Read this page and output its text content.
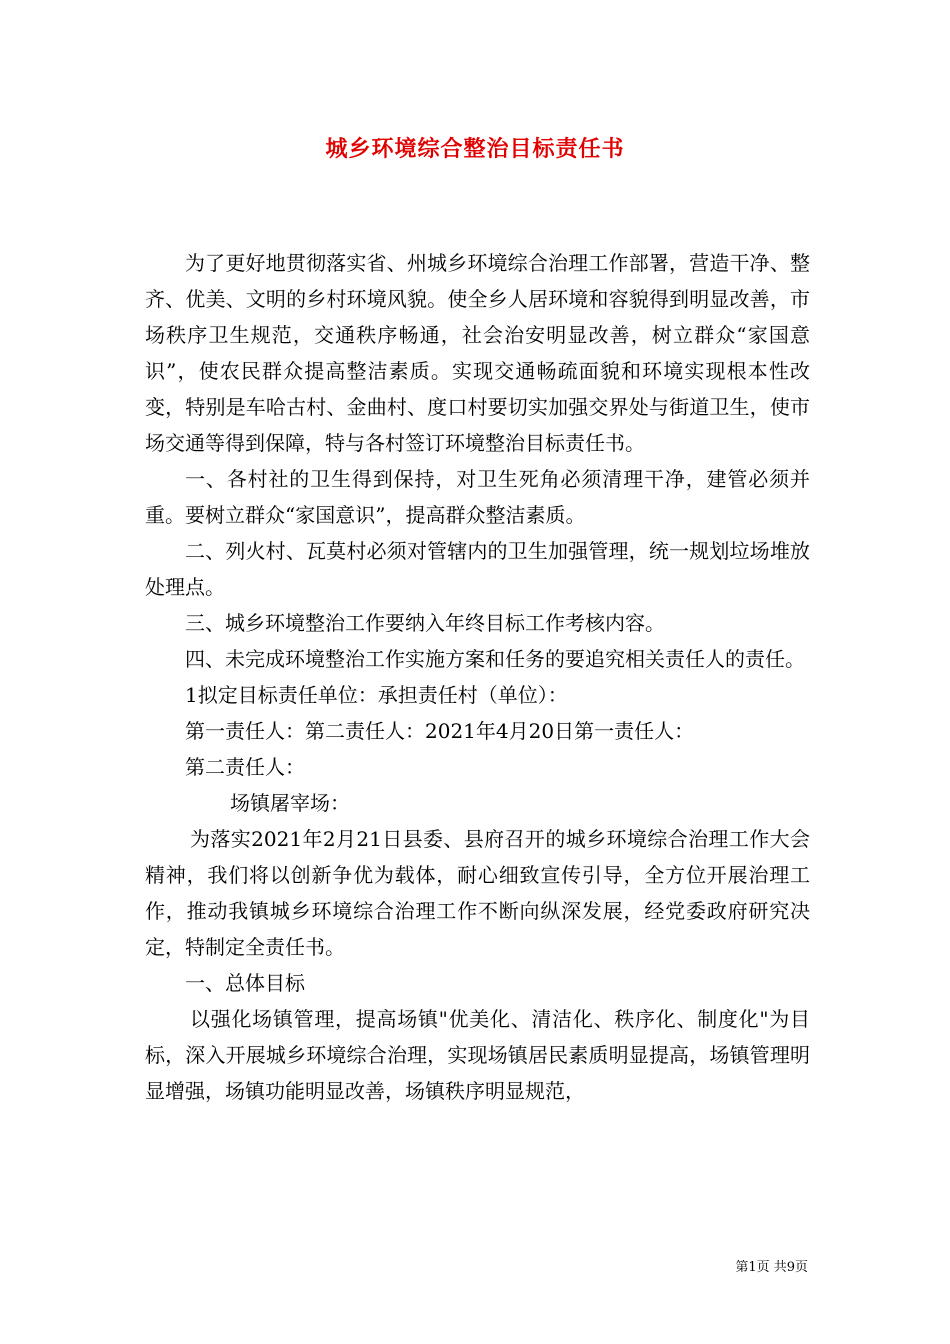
城乡环境综合整治目标责任书

为了更好地贯彻落实省、州城乡环境综合治理工作部署，营造干净、整齐、优美、文明的乡村环境风貌。使全乡人居环境和容貌得到明显改善，市场秩序卫生规范，交通秩序畅通，社会治安明显改善，树立群众“家国意识”，使农民群众提高整洁素质。实现交通畅疏面貌和环境实现根本性改变，特别是车哈古村、金曲村、度口村要切实加强交界处与街道卫生，使市场交通等得到保障，特与各村签订环境整治目标责任书。

一、各村社的卫生得到保持，对卫生死角必须清理干净，建管必须并重。要树立群众“家国意识”，提高群众整洁素质。

二、列火村、瓦莫村必须对管辖内的卫生加强管理，统一规划垃场堆放处理点。

三、城乡环境整治工作要纳入年终目标工作考核内容。

四、未完成环境整治工作实施方案和任务的要追究相关责任人的责任。

1拟定目标责任单位：承担责任村（单位）：

第一责任人：第二责任人：2021年4月20日第一责任人：

第二责任人：

场镇屠宰场：

为落实2021年2月21日县委、县府召开的城乡环境综合治理工作大会精神，我们将以创新争优为载体，耐心细致宣传引导，全方位开展治理工作，推动我镇城乡环境综合治理工作不断向纵深发展，经党委政府研究决定，特制定全责任书。

一、总体目标

以强化场镇管理，提高场镇"优美化、清洁化、秩序化、制度化"为目标，深入开展城乡环境综合治理，实现场镇居民素质明显提高，场镇管理明显增强，场镇功能明显改善，场镇秩序明显规范，

第1页 共9页
